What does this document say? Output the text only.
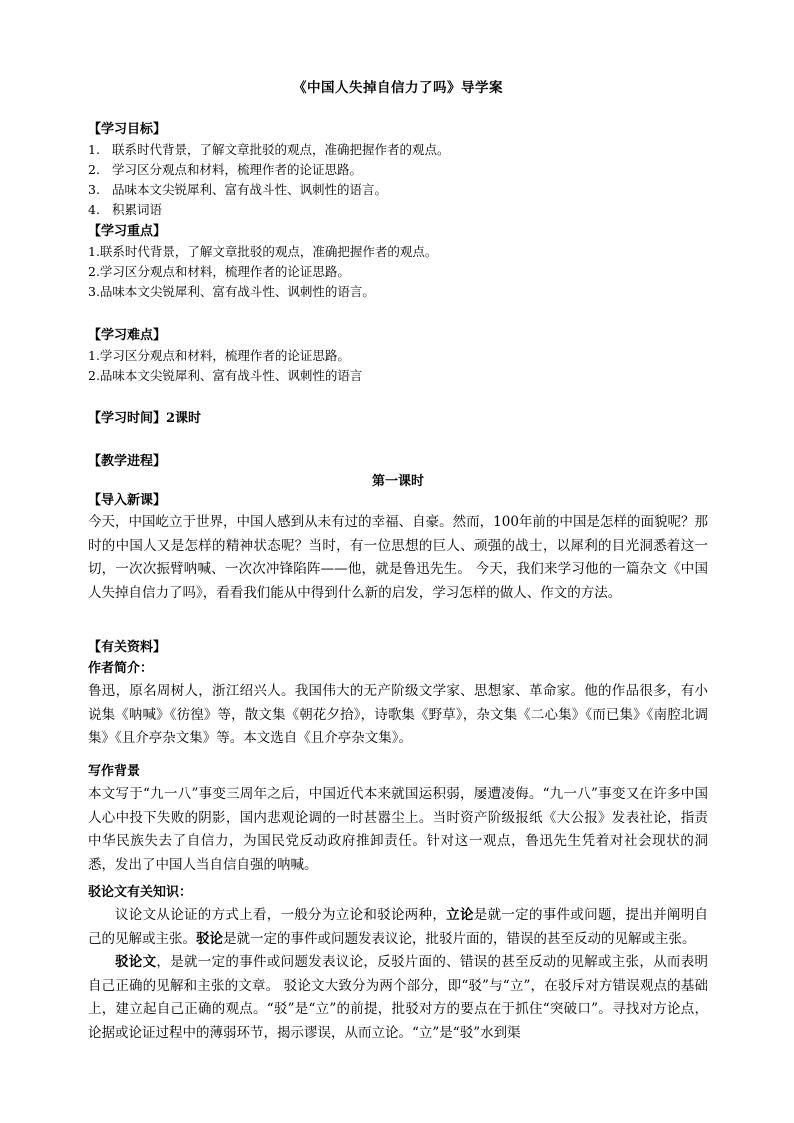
《中国人失掉自信力了吗》导学案
【学习目标】
1. 联系时代背景，了解文章批驳的观点，准确把握作者的观点。
2. 学习区分观点和材料，梳理作者的论证思路。
3. 品味本文尖锐犀利、富有战斗性、讽刺性的语言。
4. 积累词语
【学习重点】
1.联系时代背景，了解文章批驳的观点，准确把握作者的观点。
2.学习区分观点和材料，梳理作者的论证思路。
3.品味本文尖锐犀利、富有战斗性、讽刺性的语言。
【学习难点】
1.学习区分观点和材料，梳理作者的论证思路。
2.品味本文尖锐犀利、富有战斗性、讽刺性的语言
【学习时间】2课时
【教学进程】
第一课时
【导入新课】
今天，中国屹立于世界，中国人感到从未有过的幸福、自豪。然而，100年前的中国是怎样的面貌呢？那时的中国人又是怎样的精神状态呢？当时，有一位思想的巨人、顽强的战士，以犀利的目光洞悉着这一切，一次次振臂呐喊、一次次冲锋陷阵——他，就是鲁迅先生。 今天，我们来学习他的一篇杂文《中国人失掉自信力了吗》，看看我们能从中得到什么新的启发，学习怎样的做人、作文的方法。
【有关资料】
作者简介：
鲁迅，原名周树人，浙江绍兴人。我国伟大的无产阶级文学家、思想家、革命家。他的作品很多，有小说集《呐喊》《彷徨》等，散文集《朝花夕拾》，诗歌集《野草》，杂文集《二心集》《而已集》《南腔北调集》《且介亭杂文集》等。本文选自《且介亭杂文集》。
写作背景
本文写于“九一八”事变三周年之后，中国近代本来就国运积弱，屡遭凌侮。“九一八”事变又在许多中国人心中投下失败的阴影，国内悲观论调的一时甚嚣尘上。当时资产阶级报纸《大公报》发表社论，指责中华民族失去了自信力，为国民党反动政府推卸责任。针对这一观点，鲁迅先生凭着对社会现状的洞悉，发出了中国人当自信自强的呐喊。
驳论文有关知识：
议论文从论证的方式上看，一般分为立论和驳论两种，立论是就一定的事件或问题，提出并阐明自己的见解或主张。驳论是就一定的事件或问题发表议论，批驳片面的，错误的甚至反动的见解或主张。
驳论文，是就一定的事件或问题发表议论，反驳片面的、错误的甚至反动的见解或主张，从而表明自己正确的见解和主张的文章。 驳论文大致分为两个部分，即“驳”与“立”，在驳斥对方错误观点的基础上，建立起自己正确的观点。“驳”是“立”的前提，批驳对方的要点在于抓住“突破口”。寻找对方论点，论据或论证过程中的薄弱环节，揭示谬误，从而立论。“立”是“驳”水到渠
